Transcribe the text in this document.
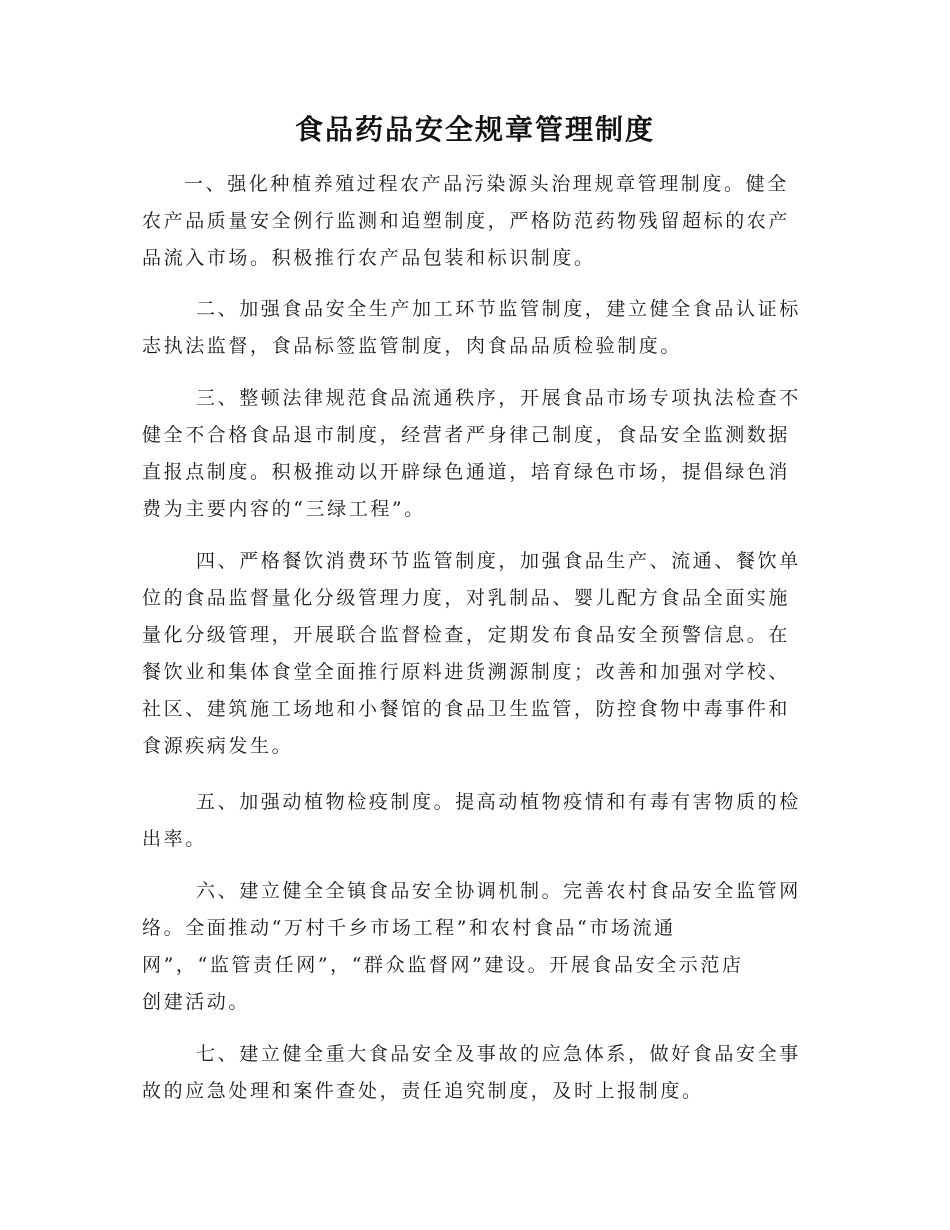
食品药品安全规章管理制度
一、强化种植养殖过程农产品污染源头治理规章管理制度。健全
农产品质量安全例行监测和追塑制度，严格防范药物残留超标的农产
品流入市场。积极推行农产品包装和标识制度。
二、加强食品安全生产加工环节监管制度，建立健全食品认证标
志执法监督，食品标签监管制度，肉食品品质检验制度。
三、整顿法律规范食品流通秩序，开展食品市场专项执法检查不
健全不合格食品退市制度，经营者严身律己制度，食品安全监测数据
直报点制度。积极推动以开辟绿色通道，培育绿色市场，提倡绿色消
费为主要内容的“三绿工程”。
四、严格餐饮消费环节监管制度，加强食品生产、流通、餐饮单
位的食品监督量化分级管理力度，对乳制品、婴儿配方食品全面实施
量化分级管理，开展联合监督检查，定期发布食品安全预警信息。在
餐饮业和集体食堂全面推行原料进货溯源制度；改善和加强对学校、
社区、建筑施工场地和小餐馆的食品卫生监管，防控食物中毒事件和
食源疾病发生。
五、加强动植物检疫制度。提高动植物疫情和有毒有害物质的检
出率。
六、建立健全全镇食品安全协调机制。完善农村食品安全监管网
络。全面推动“万村千乡市场工程”和农村食品“市场流通
网”，“监管责任网”，“群众监督网”建设。开展食品安全示范店
创建活动。
七、建立健全重大食品安全及事故的应急体系，做好食品安全事
故的应急处理和案件查处，责任追究制度，及时上报制度。
